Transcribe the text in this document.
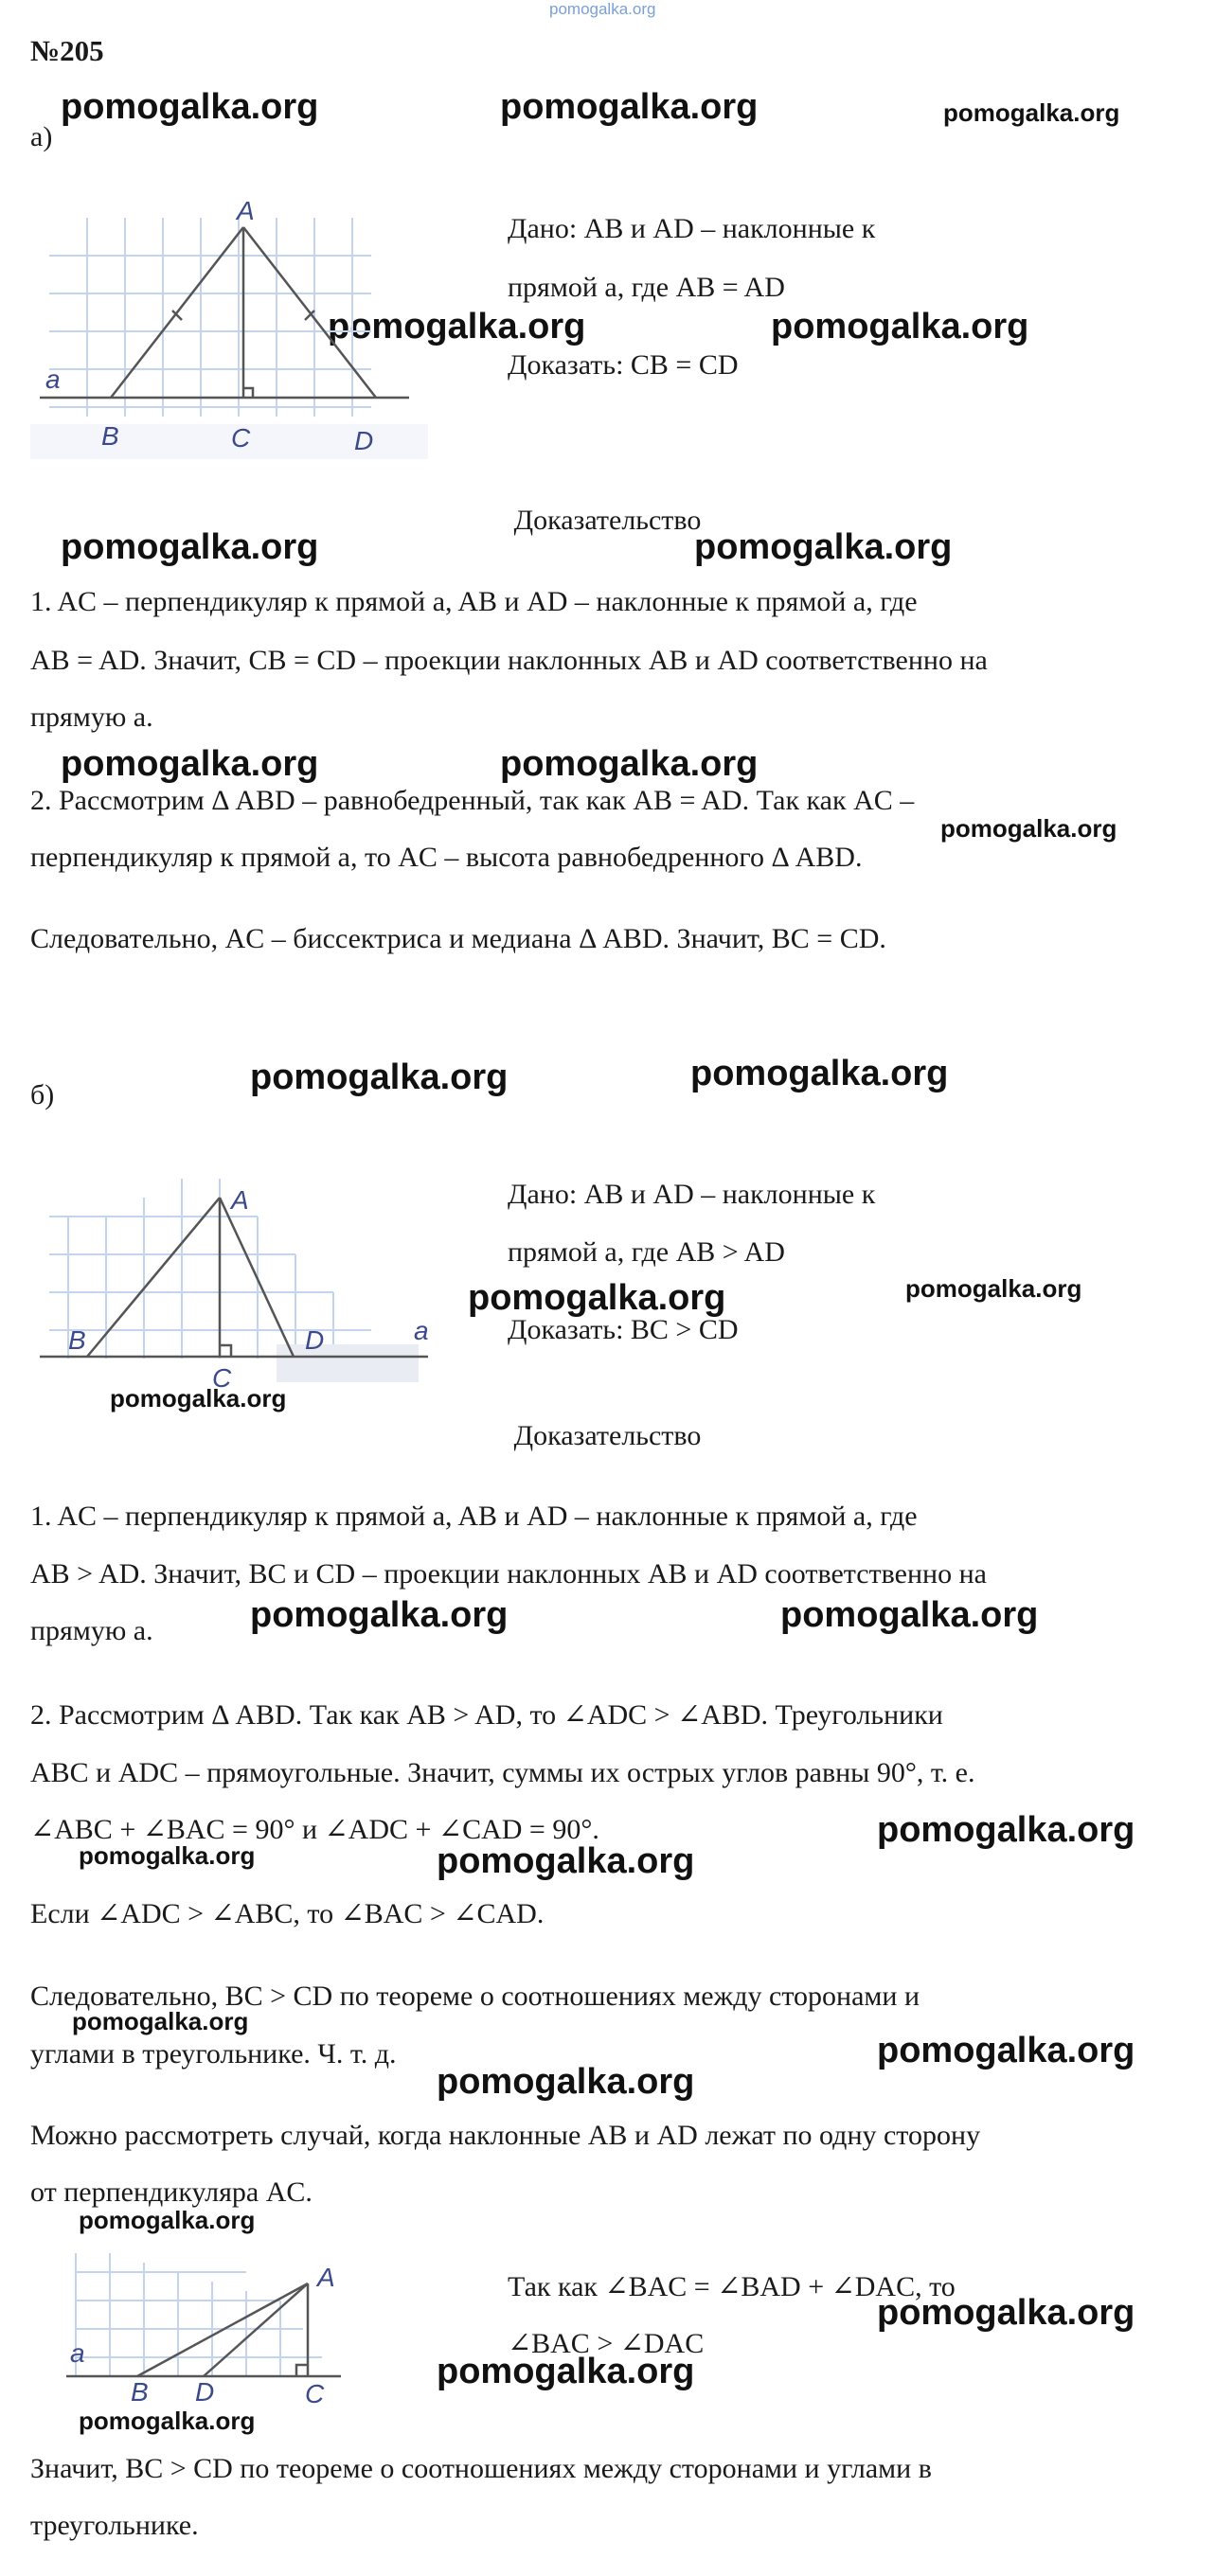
pomogalka.org
№205
pomogalka.org	pomogalka.org	pomogalka.org
pomogalka.org	pomogalka.org
pomogalka.org	pomogalka.org
pomogalka.org	pomogalka.org
pomogalka.org
pomogalka.org	pomogalka.org
pomogalka.org	pomogalka.org
pomogalka.org
pomogalka.org	pomogalka.org
pomogalka.org
pomogalka.org	pomogalka.org
pomogalka.org
pomogalka.org
pomogalka.org
pomogalka.org
pomogalka.org
pomogalka.org
pomogalka.org
а)
A
a
B	C	D
Дано: AB и AD – наклонные к
прямой a, где AB = AD
Доказать: CB = CD
Доказательство
1. AC – перпендикуляр к прямой a, AB и AD – наклонные к прямой a, где
AB = AD. Значит, CB = CD – проекции наклонных AB и AD соответственно на
прямую a.
2. Рассмотрим Δ ABD – равнобедренный, так как AB = AD. Так как AC –
перпендикуляр к прямой a, то AC – высота равнобедренного Δ ABD.
Следовательно, AC – биссектриса и медиана Δ ABD. Значит, BC = CD.
б)
A
B
C
D	a
Дано: AB и AD – наклонные к
прямой a, где AB > AD
Доказать: BC > CD
Доказательство
1. AC – перпендикуляр к прямой a, AB и AD – наклонные к прямой a, где
AB > AD. Значит, BC и CD – проекции наклонных AB и AD соответственно на
прямую a.
2. Рассмотрим Δ ABD. Так как AB > AD, то ∠ADC > ∠ABD. Треугольники
ABC и ADC – прямоугольные. Значит, суммы их острых углов равны 90°, т. е.
∠ABC + ∠BAC = 90° и ∠ADC + ∠CAD = 90°.
Если ∠ADC > ∠ABC, то ∠BAC > ∠CAD.
Следовательно, BC > CD по теореме о соотношениях между сторонами и
углами в треугольнике. Ч. т. д.
Можно рассмотреть случай, когда наклонные AB и AD лежат по одну сторону
от перпендикуляра AC.
A
a
B D	C
Так как ∠BAC = ∠BAD + ∠DAC, то
∠BAC > ∠DAC
Значит, BC > CD по теореме о соотношениях между сторонами и углами в
треугольнике.
